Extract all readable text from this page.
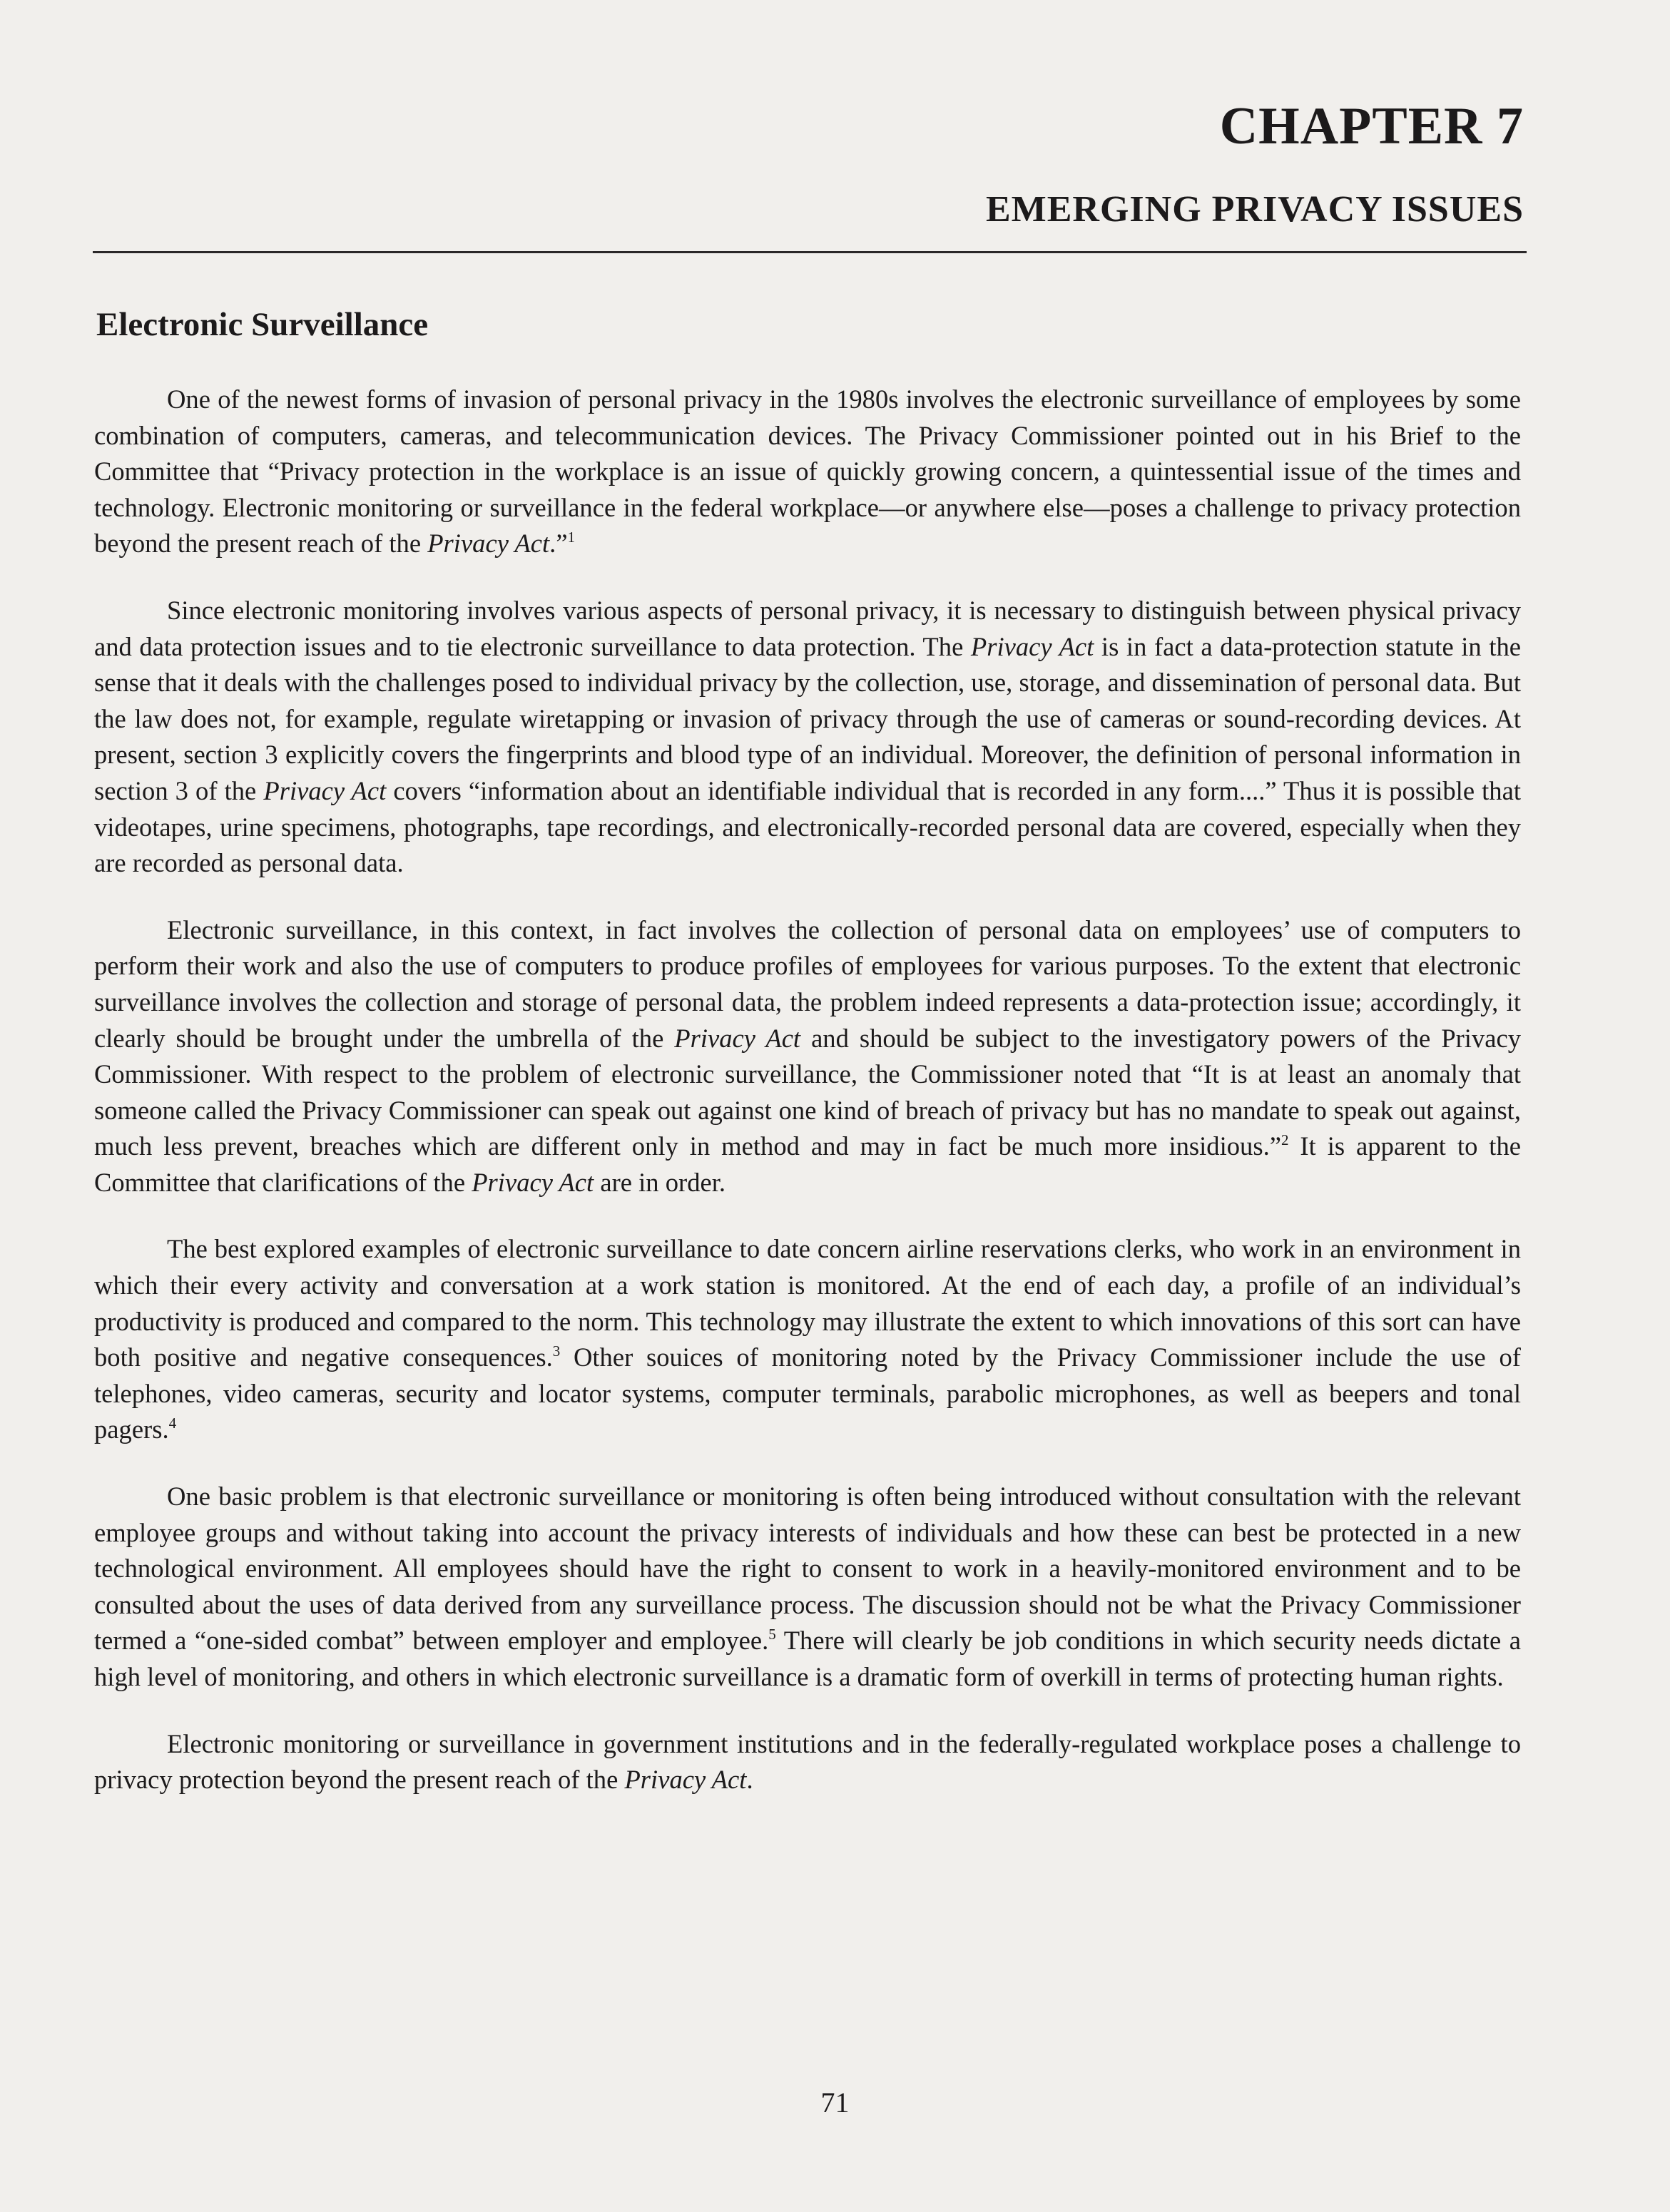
CHAPTER 7
EMERGING PRIVACY ISSUES
Electronic Surveillance

One of the newest forms of invasion of personal privacy in the 1980s involves the electronic surveillance of employees by some combination of computers, cameras, and telecommunication devices. The Privacy Commissioner pointed out in his Brief to the Committee that “Privacy protection in the workplace is an issue of quickly growing concern, a quintessential issue of the times and technology. Electronic monitoring or surveillance in the federal workplace—or anywhere else—poses a challenge to privacy protection beyond the present reach of the Privacy Act.”$^1$

Since electronic monitoring involves various aspects of personal privacy, it is necessary to distinguish between physical privacy and data protection issues and to tie electronic surveillance to data protection. The Privacy Act is in fact a data-protection statute in the sense that it deals with the challenges posed to individual privacy by the collection, use, storage, and dissemination of personal data. But the law does not, for example, regulate wiretapping or invasion of privacy through the use of cameras or sound-recording devices. At present, section 3 explicitly covers the fingerprints and blood type of an individual. Moreover, the definition of personal information in section 3 of the Privacy Act covers “information about an identifiable individual that is recorded in any form....” Thus it is possible that videotapes, urine specimens, photographs, tape recordings, and electronically-recorded personal data are covered, especially when they are recorded as personal data.

Electronic surveillance, in this context, in fact involves the collection of personal data on employees’ use of computers to perform their work and also the use of computers to produce profiles of employees for various purposes. To the extent that electronic surveillance involves the collection and storage of personal data, the problem indeed represents a data-protection issue; accordingly, it clearly should be brought under the umbrella of the Privacy Act and should be subject to the investigatory powers of the Privacy Commissioner. With respect to the problem of electronic surveillance, the Commissioner noted that “It is at least an anomaly that someone called the Privacy Commissioner can speak out against one kind of breach of privacy but has no mandate to speak out against, much less prevent, breaches which are different only in method and may in fact be much more insidious.”$^2$ It is apparent to the Committee that clarifications of the Privacy Act are in order.

The best explored examples of electronic surveillance to date concern airline reservations clerks, who work in an environment in which their every activity and conversation at a work station is monitored. At the end of each day, a profile of an individual’s productivity is produced and compared to the norm. This technology may illustrate the extent to which innovations of this sort can have both positive and negative consequences.$^3$ Other souices of monitoring noted by the Privacy Commissioner include the use of telephones, video cameras, security and locator systems, computer terminals, parabolic microphones, as well as beepers and tonal pagers.$^4$

One basic problem is that electronic surveillance or monitoring is often being introduced without consultation with the relevant employee groups and without taking into account the privacy interests of individuals and how these can best be protected in a new technological environment. All employees should have the right to consent to work in a heavily-monitored environment and to be consulted about the uses of data derived from any surveillance process. The discussion should not be what the Privacy Commissioner termed a “one-sided combat” between employer and employee.$^5$ There will clearly be job conditions in which security needs dictate a high level of monitoring, and others in which electronic surveillance is a dramatic form of overkill in terms of protecting human rights.

Electronic monitoring or surveillance in government institutions and in the federally-regulated workplace poses a challenge to privacy protection beyond the present reach of the Privacy Act.

71
